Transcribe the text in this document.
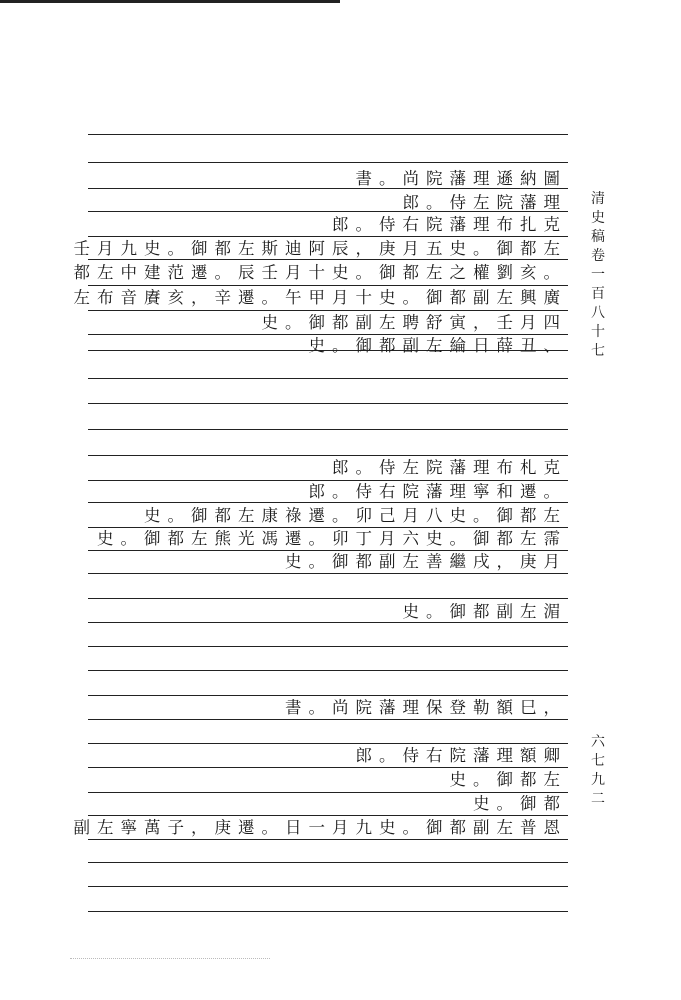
書。尚院藩理遜納圖
郎。侍左院藩理
郎。侍右院藩理布扎克
壬月九史。御都左斯迪阿辰，庚月五史。御都左
都左中建范遷。辰壬月十史。御都左之權劉亥。
左布音賡亥，辛遷。午甲月十史。御都副左興廣
史。御都副左聘舒寅，壬月四
史。御都副左綸日薛丑、
郎。侍左院藩理布札克
郎。侍右院藩理寧和遷。
史。御都左康祿遷。卯己月八史。御都左
史。御都左熊光馮遷。卯丁月六史。御都左霈
史。御都副左善繼戌，庚月
史。御都副左湄
書。尚院藩理保登勒額巳，
郎。侍右院藩理額卿
史。御都左
史。御都
副左寧萬子，庚遷。日一月九史。御都副左普恩
清史稿卷一百八十七
六七九二
